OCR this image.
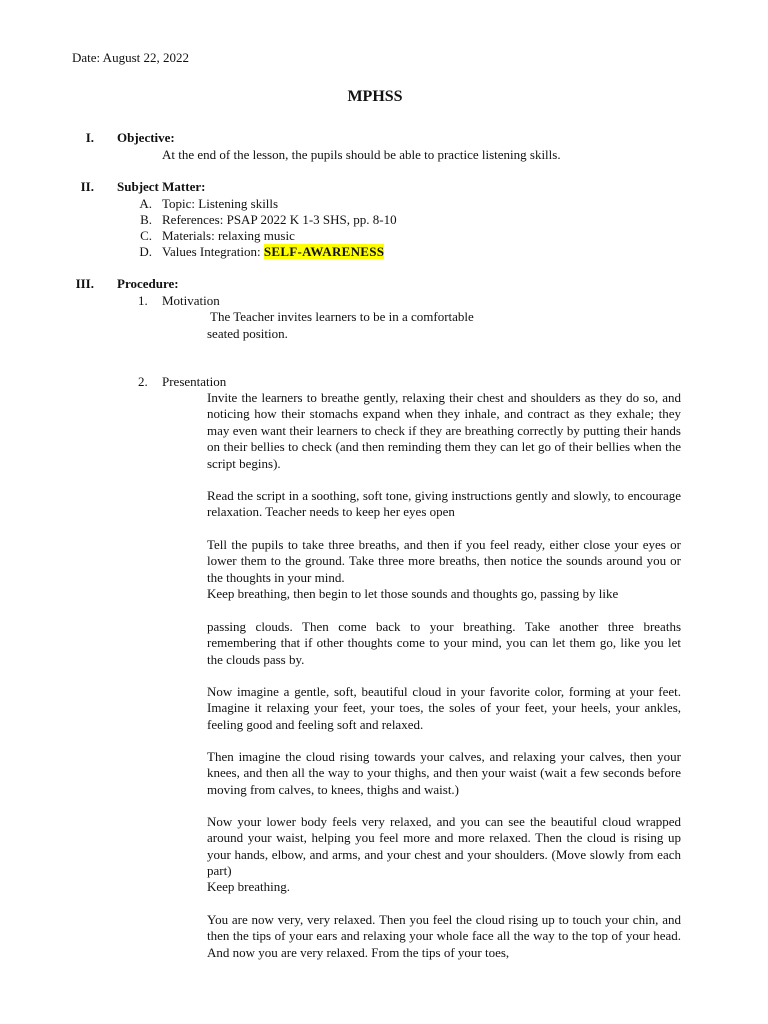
Date: August 22, 2022
MPHSS
I. Objective:
At the end of the lesson, the pupils should be able to practice listening skills.
II. Subject Matter:
A. Topic: Listening skills
B. References: PSAP 2022 K 1-3 SHS, pp. 8-10
C. Materials: relaxing music
D. Values Integration: SELF-AWARENESS
III. Procedure:
1. Motivation
The Teacher invites learners to be in a comfortable
seated position.
2. Presentation
Invite the learners to breathe gently, relaxing their chest and shoulders as they do so, and noticing how their stomachs expand when they inhale, and contract as they exhale; they may even want their learners to check if they are breathing correctly by putting their hands on their bellies to check (and then reminding them they can let go of their bellies when the script begins).
Read the script in a soothing, soft tone, giving instructions gently and slowly, to encourage relaxation. Teacher needs to keep her eyes open
Tell the pupils to take three breaths, and then if you feel ready, either close your eyes or lower them to the ground. Take three more breaths, then notice the sounds around you or the thoughts in your mind.
Keep breathing, then begin to let those sounds and thoughts go, passing by like
passing clouds. Then come back to your breathing. Take another three breaths remembering that if other thoughts come to your mind, you can let them go, like you let the clouds pass by.
Now imagine a gentle, soft, beautiful cloud in your favorite color, forming at your feet. Imagine it relaxing your feet, your toes, the soles of your feet, your heels, your ankles, feeling good and feeling soft and relaxed.
Then imagine the cloud rising towards your calves, and relaxing your calves, then your knees, and then all the way to your thighs, and then your waist (wait a few seconds before moving from calves, to knees, thighs and waist.)
Now your lower body feels very relaxed, and you can see the beautiful cloud wrapped around your waist, helping you feel more and more relaxed. Then the cloud is rising up your hands, elbow, and arms, and your chest and your shoulders. (Move slowly from each part)
Keep breathing.
You are now very, very relaxed. Then you feel the cloud rising up to touch your chin, and then the tips of your ears and relaxing your whole face all the way to the top of your head. And now you are very relaxed. From the tips of your toes,
